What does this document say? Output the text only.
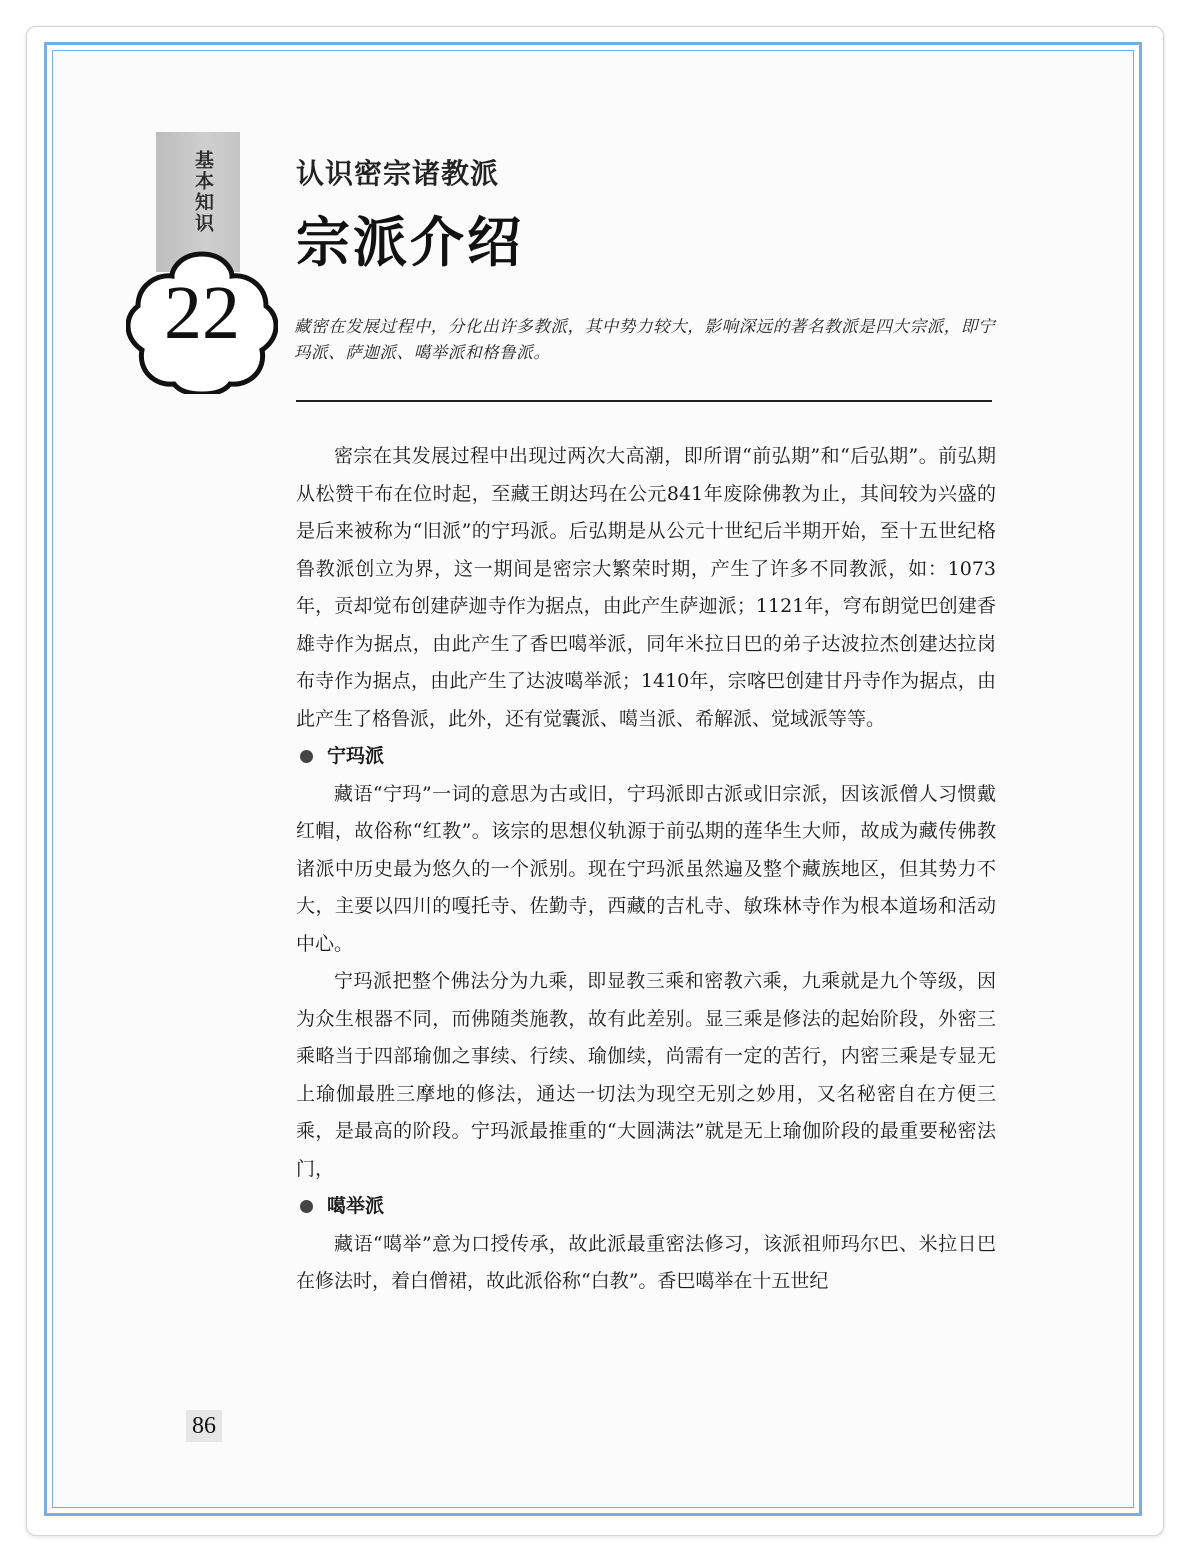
基本知识
22
认识密宗诸教派
宗派介绍
藏密在发展过程中，分化出许多教派，其中势力较大，影响深远的著名教派是四大宗派，即宁玛派、萨迦派、噶举派和格鲁派。

密宗在其发展过程中出现过两次大高潮，即所谓“前弘期”和“后弘期”。前弘期从松赞干布在位时起，至藏王朗达玛在公元841年废除佛教为止，其间较为兴盛的是后来被称为“旧派”的宁玛派。后弘期是从公元十世纪后半期开始，至十五世纪格鲁教派创立为界，这一期间是密宗大繁荣时期，产生了许多不同教派，如：1073年，贡却觉布创建萨迦寺作为据点，由此产生萨迦派；1121年，穹布朗觉巴创建香雄寺作为据点，由此产生了香巴噶举派，同年米拉日巴的弟子达波拉杰创建达拉岗布寺作为据点，由此产生了达波噶举派；1410年，宗喀巴创建甘丹寺作为据点，由此产生了格鲁派，此外，还有觉囊派、噶当派、希解派、觉域派等等。

宁玛派

藏语“宁玛”一词的意思为古或旧，宁玛派即古派或旧宗派，因该派僧人习惯戴红帽，故俗称“红教”。该宗的思想仪轨源于前弘期的莲华生大师，故成为藏传佛教诸派中历史最为悠久的一个派别。现在宁玛派虽然遍及整个藏族地区，但其势力不大，主要以四川的嘎托寺、佐勤寺，西藏的吉札寺、敏珠林寺作为根本道场和活动中心。

宁玛派把整个佛法分为九乘，即显教三乘和密教六乘，九乘就是九个等级，因为众生根器不同，而佛随类施教，故有此差别。显三乘是修法的起始阶段，外密三乘略当于四部瑜伽之事续、行续、瑜伽续，尚需有一定的苦行，内密三乘是专显无上瑜伽最胜三摩地的修法，通达一切法为现空无别之妙用，又名秘密自在方便三乘，是最高的阶段。宁玛派最推重的“大圆满法”就是无上瑜伽阶段的最重要秘密法门，

噶举派

藏语“噶举”意为口授传承，故此派最重密法修习，该派祖师玛尔巴、米拉日巴在修法时，着白僧裙，故此派俗称“白教”。香巴噶举在十五世纪

86
